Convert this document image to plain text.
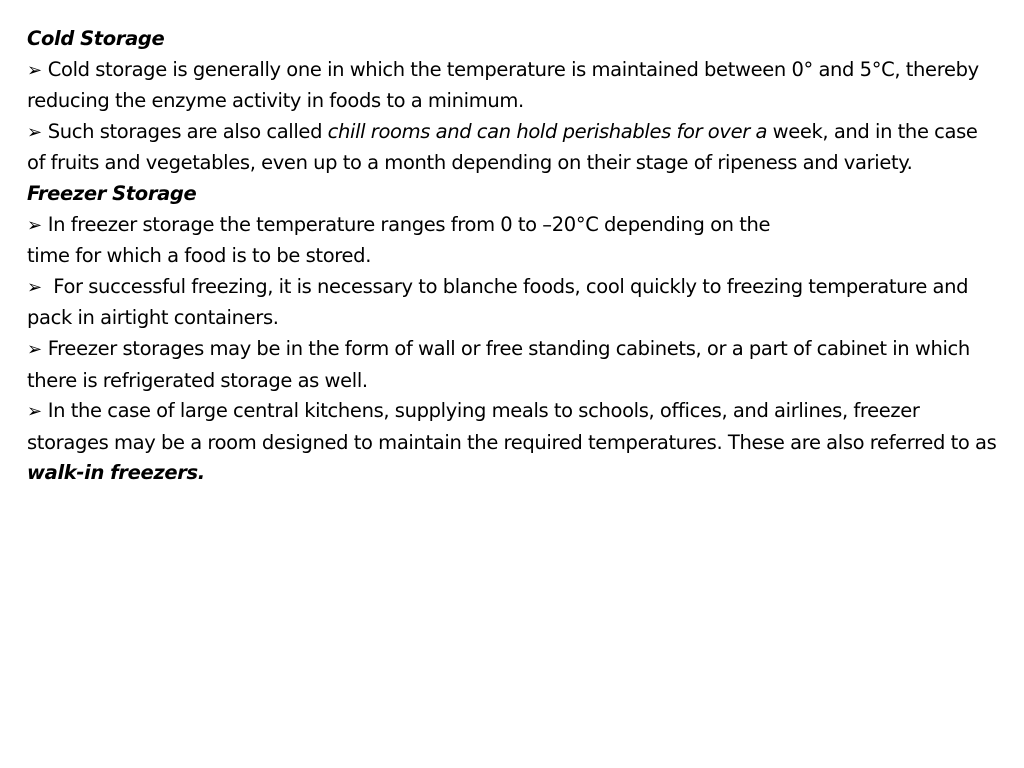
Cold Storage
➢ Cold storage is generally one in which the temperature is maintained between 0° and 5°C, thereby reducing the enzyme activity in foods to a minimum.
➢ Such storages are also called chill rooms and can hold perishables for over a week, and in the case of fruits and vegetables, even up to a month depending on their stage of ripeness and variety.
Freezer Storage
➢ In freezer storage the temperature ranges from 0 to –20°C depending on the
time for which a food is to be stored.
➢ For successful freezing, it is necessary to blanche foods, cool quickly to freezing temperature and pack in airtight containers.
➢ Freezer storages may be in the form of wall or free standing cabinets, or a part of cabinet in which there is refrigerated storage as well.
➢ In the case of large central kitchens, supplying meals to schools, offices, and airlines, freezer storages may be a room designed to maintain the required temperatures. These are also referred to as walk-in freezers.
